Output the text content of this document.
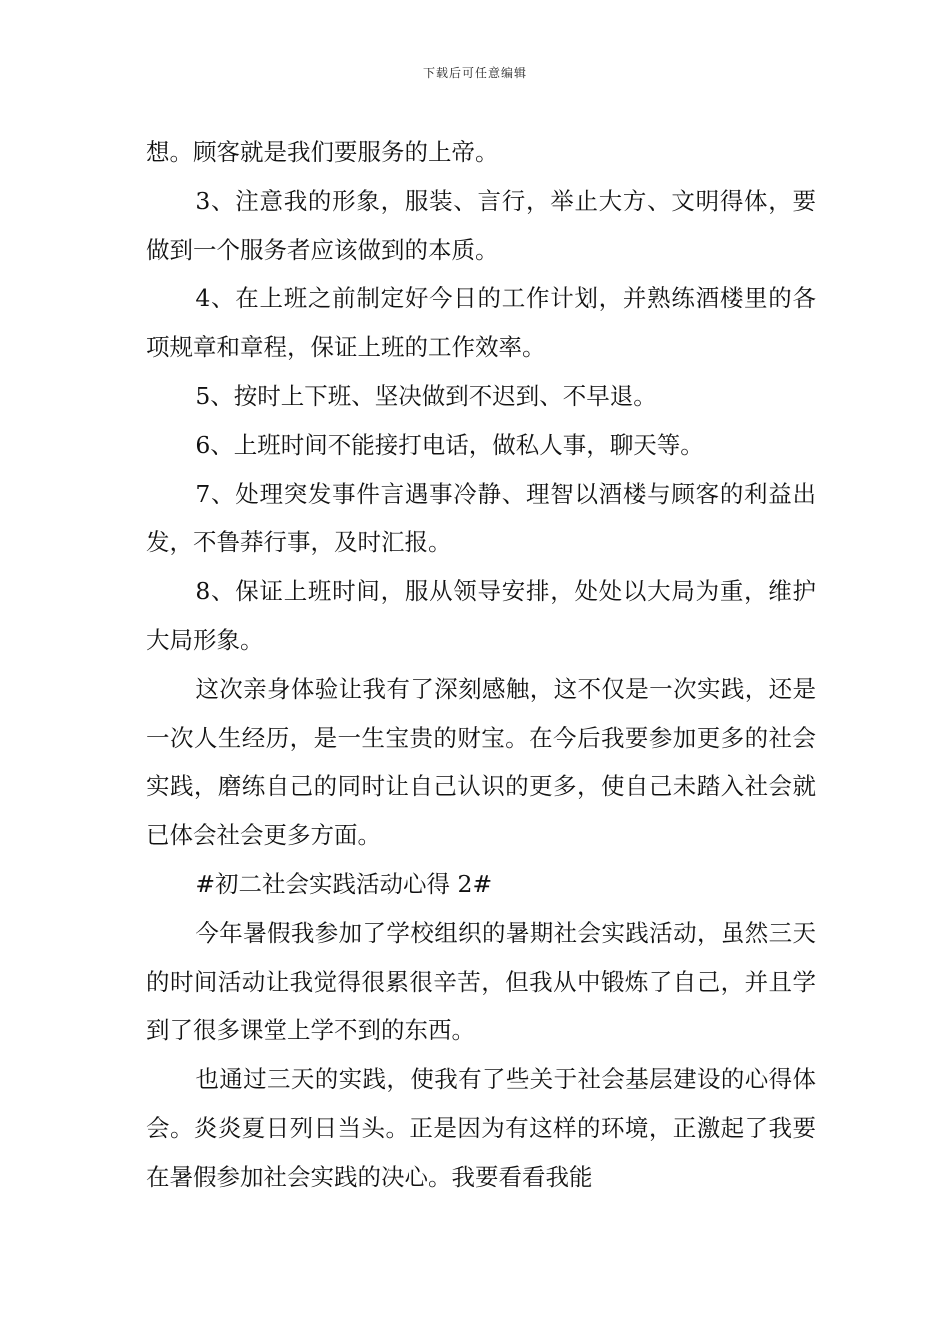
下载后可任意编辑

想。顾客就是我们要服务的上帝。

3、注意我的形象，服装、言行，举止大方、文明得体，要做到一个服务者应该做到的本质。

4、在上班之前制定好今日的工作计划，并熟练酒楼里的各项规章和章程，保证上班的工作效率。

5、按时上下班、坚决做到不迟到、不早退。

6、上班时间不能接打电话，做私人事，聊天等。

7、处理突发事件言遇事冷静、理智以酒楼与顾客的利益出发，不鲁莽行事，及时汇报。

8、保证上班时间，服从领导安排，处处以大局为重，维护大局形象。

这次亲身体验让我有了深刻感触，这不仅是一次实践，还是一次人生经历，是一生宝贵的财宝。在今后我要参加更多的社会实践，磨练自己的同时让自己认识的更多，使自己未踏入社会就已体会社会更多方面。

#初二社会实践活动心得 2#

今年暑假我参加了学校组织的暑期社会实践活动，虽然三天的时间活动让我觉得很累很辛苦，但我从中锻炼了自己，并且学到了很多课堂上学不到的东西。

也通过三天的实践，使我有了些关于社会基层建设的心得体会。炎炎夏日列日当头。正是因为有这样的环境，正激起了我要在暑假参加社会实践的决心。我要看看我能
